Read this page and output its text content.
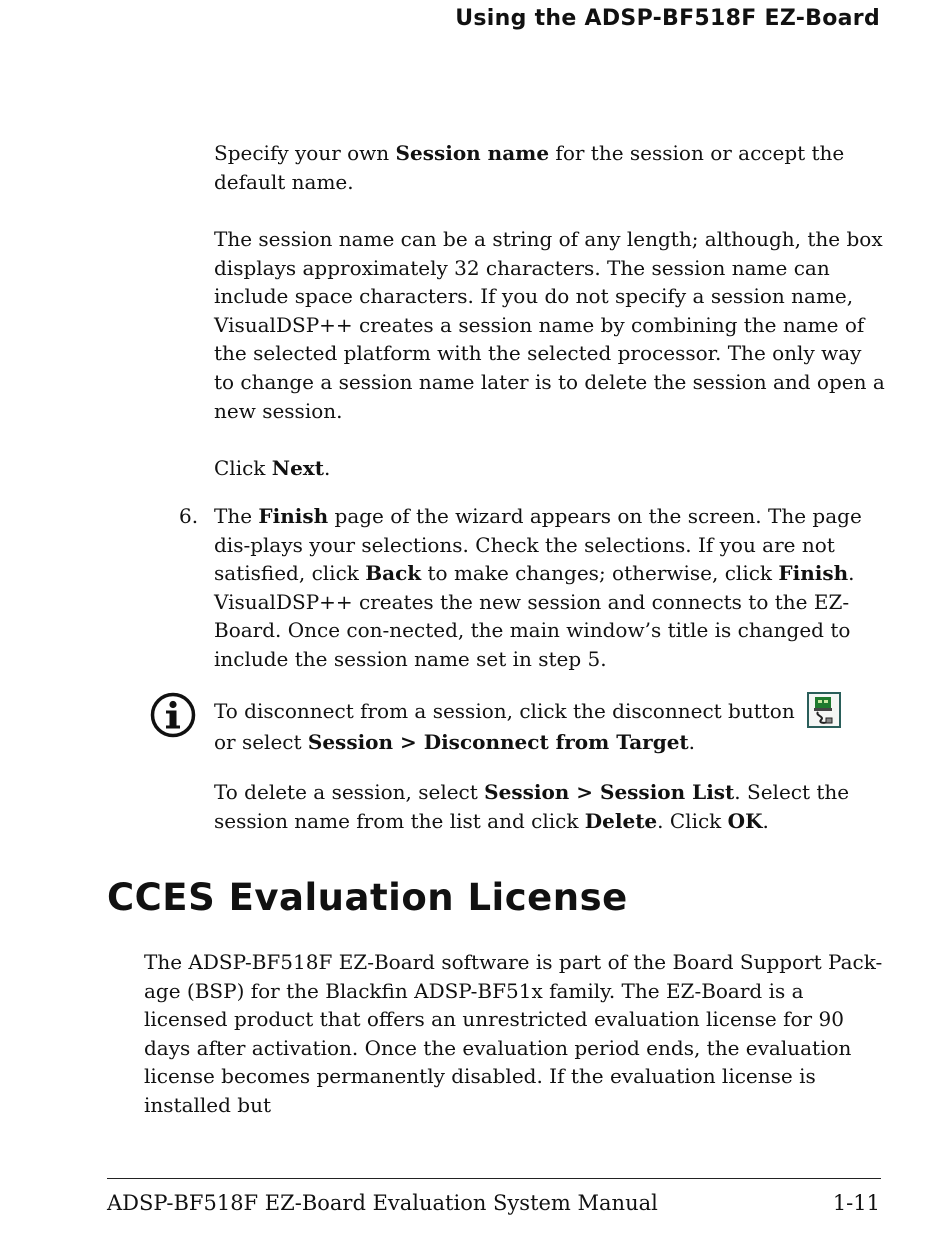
Using the ADSP-BF518F EZ-Board

Specify your own Session name for the session or accept the default name.

The session name can be a string of any length; although, the box displays approximately 32 characters. The session name can include space characters. If you do not specify a session name, VisualDSP++ creates a session name by combining the name of the selected platform with the selected processor. The only way to change a session name later is to delete the session and open a new session.

Click Next.

6. The Finish page of the wizard appears on the screen. The page dis-plays your selections. Check the selections. If you are not satisfied, click Back to make changes; otherwise, click Finish. VisualDSP++ creates the new session and connects to the EZ-Board. Once con-nected, the main window’s title is changed to include the session name set in step 5.

To disconnect from a session, click the disconnect button
or select Session > Disconnect from Target.

To delete a session, select Session > Session List. Select the session name from the list and click Delete. Click OK.

CCES Evaluation License

The ADSP-BF518F EZ-Board software is part of the Board Support Pack-age (BSP) for the Blackfin ADSP-BF51x family. The EZ-Board is a licensed product that offers an unrestricted evaluation license for 90 days after activation. Once the evaluation period ends, the evaluation license becomes permanently disabled. If the evaluation license is installed but

ADSP-BF518F EZ-Board Evaluation System Manual	1-11
